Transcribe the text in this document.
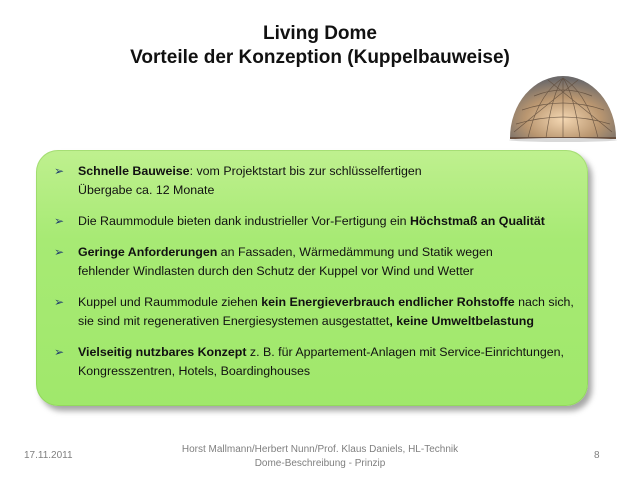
Living Dome
Vorteile der Konzeption (Kuppelbauweise)
➢ Schnelle Bauweise: vom Projektstart bis zur schlüsselfertigen
Übergabe ca. 12 Monate
➢ Die Raummodule bieten dank industrieller Vor-Fertigung ein Höchstmaß an Qualität
➢ Geringe Anforderungen an Fassaden, Wärmedämmung und Statik wegen
fehlender Windlasten durch den Schutz der Kuppel vor Wind und Wetter
➢ Kuppel und Raummodule ziehen kein Energieverbrauch endlicher Rohstoffe nach sich,
sie sind mit regenerativen Energiesystemen ausgestattet, keine Umweltbelastung
➢ Vielseitig nutzbares Konzept z. B. für Appartement-Anlagen mit Service-Einrichtungen,
Kongresszentren, Hotels, Boardinghouses
17.11.2011
Horst Mallmann/Herbert Nunn/Prof. Klaus Daniels, HL-Technik
Dome-Beschreibung - Prinzip
8
